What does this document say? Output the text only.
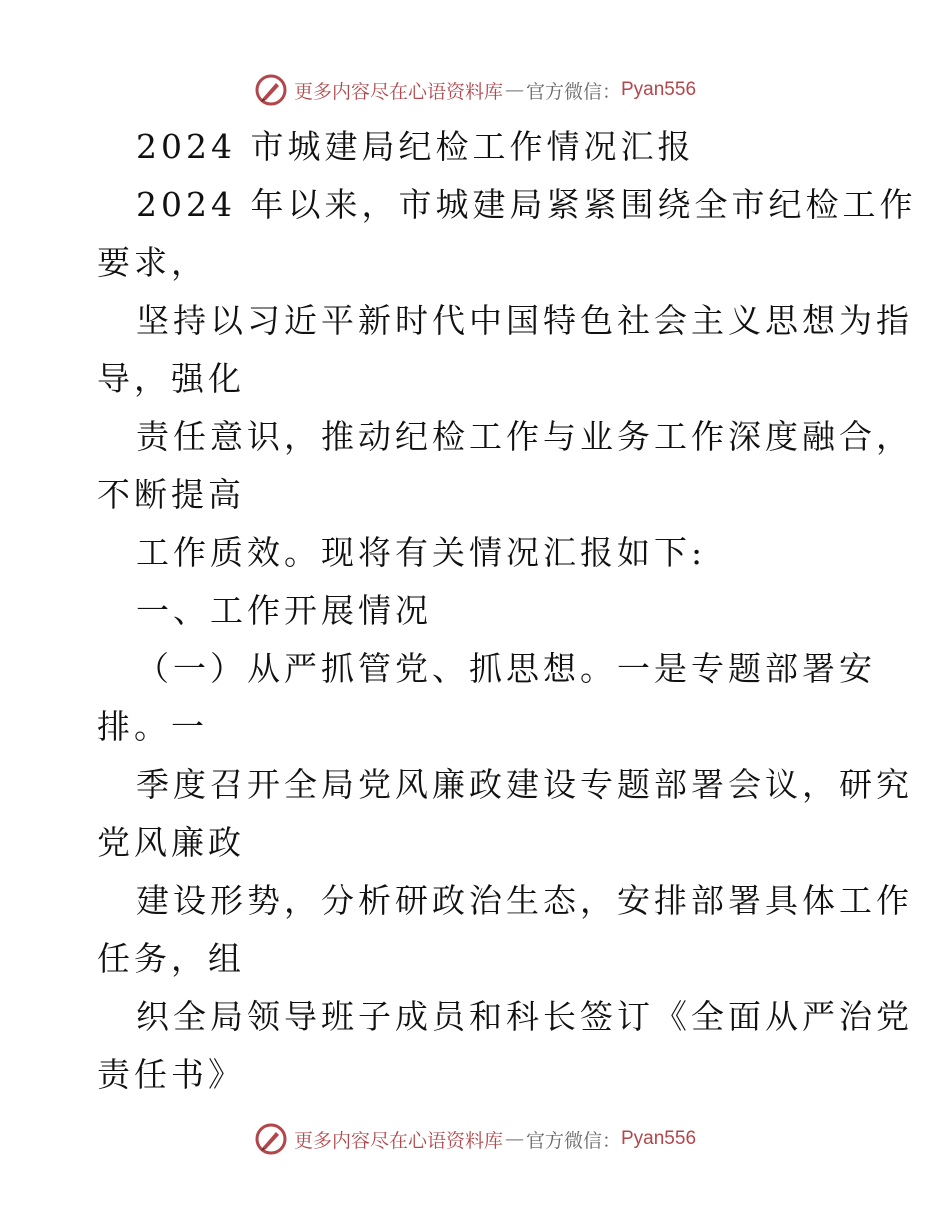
更多内容尽在心语资料库 — 官方微信： Pyan556

2024 市城建局纪检工作情况汇报

2024 年以来，市城建局紧紧围绕全市纪检工作

要求，

坚持以习近平新时代中国特色社会主义思想为指

导，强化

责任意识，推动纪检工作与业务工作深度融合，

不断提高

工作质效。现将有关情况汇报如下:

一、工作开展情况

（一）从严抓管党、抓思想。一是专题部署安

排。一

季度召开全局党风廉政建设专题部署会议，研究

党风廉政

建设形势，分析研政治生态，安排部署具体工作

任务，组

织全局领导班子成员和科长签订《全面从严治党

责任书》

更多内容尽在心语资料库 — 官方微信： Pyan556
